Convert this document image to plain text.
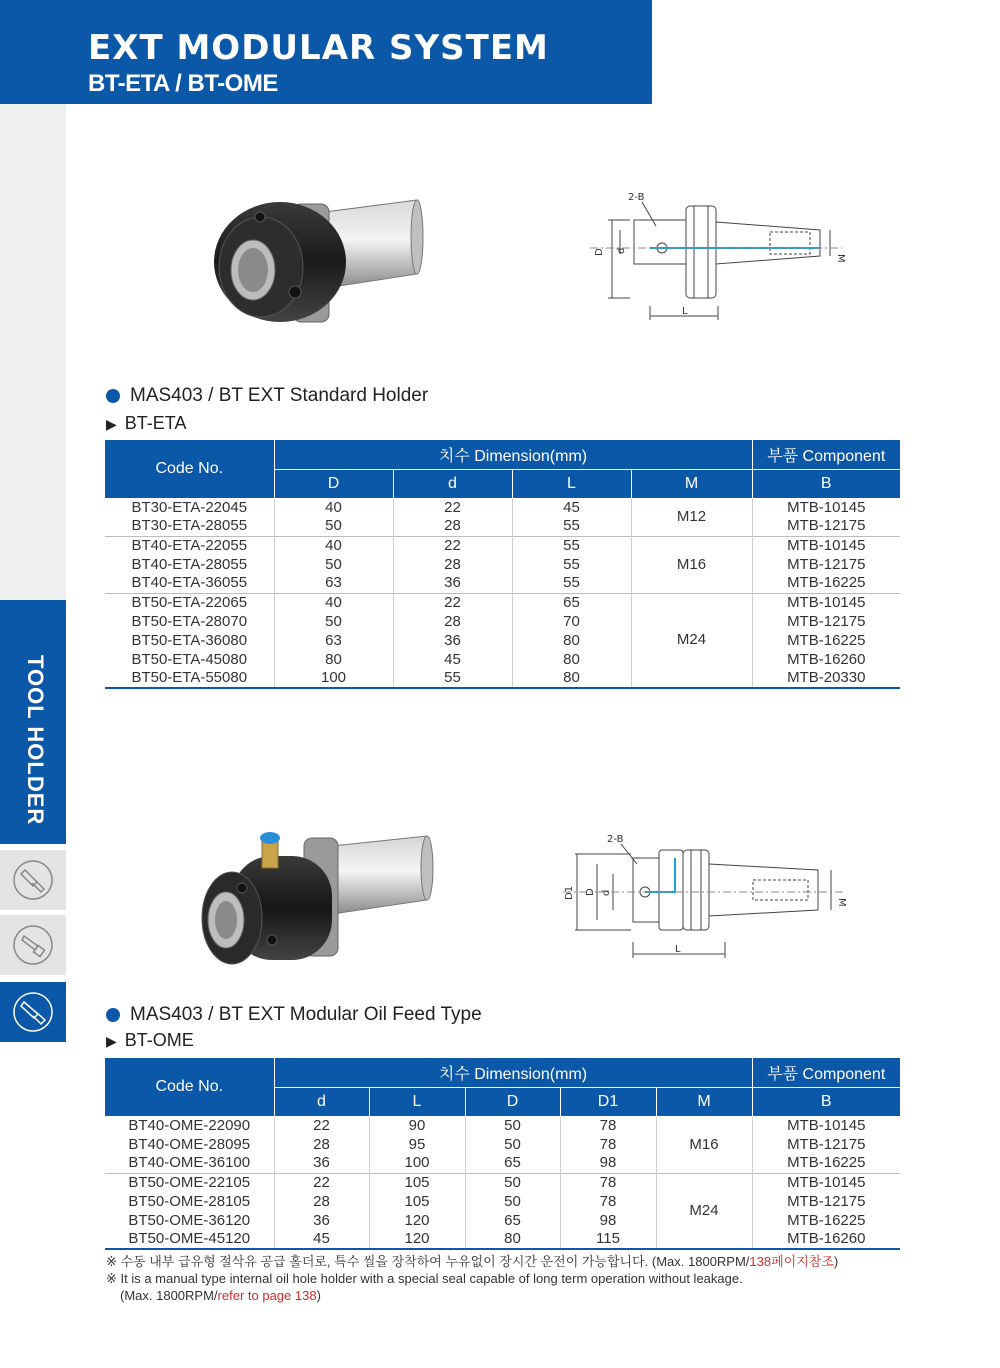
EXT MODULAR SYSTEM
BT-ETA / BT-OME
TOOL HOLDER
2-B
D d
L
M
MAS403 / BT EXT Standard Holder
▶ BT-ETA
Code No.	치수 Dimension(mm)				부품 Component
	D	d	L	M	B
BT30-ETA-22045	40	22	45	M12	MTB-10145
BT30-ETA-28055	50	28	55		MTB-12175
BT40-ETA-22055	40	22	55	M16	MTB-10145
BT40-ETA-28055	50	28	55		MTB-12175
BT40-ETA-36055	63	36	55		MTB-16225
BT50-ETA-22065	40	22	65	M24	MTB-10145
BT50-ETA-28070	50	28	70		MTB-12175
BT50-ETA-36080	63	36	80		MTB-16225
BT50-ETA-45080	80	45	80		MTB-16260
BT50-ETA-55080	100	55	80		MTB-20330
2-B
D1 D d
L
M
MAS403 / BT EXT Modular Oil Feed Type
▶ BT-OME
Code No.	치수 Dimension(mm)					부품 Component
	d	L	D	D1	M	B
BT40-OME-22090	22	90	50	78	M16	MTB-10145
BT40-OME-28095	28	95	50	78		MTB-12175
BT40-OME-36100	36	100	65	98		MTB-16225
BT50-OME-22105	22	105	50	78	M24	MTB-10145
BT50-OME-28105	28	105	50	78		MTB-12175
BT50-OME-36120	36	120	65	98		MTB-16225
BT50-OME-45120	45	120	80	115		MTB-16260
※ 수동 내부 급유형 절삭유 공급 홀더로, 특수 씰을 장착하여 누유없이 장시간 운전이 가능합니다. (Max. 1800RPM/138페이지참조)
※ It is a manual type internal oil hole holder with a special seal capable of long term operation without leakage.
(Max. 1800RPM/refer to page 138)
